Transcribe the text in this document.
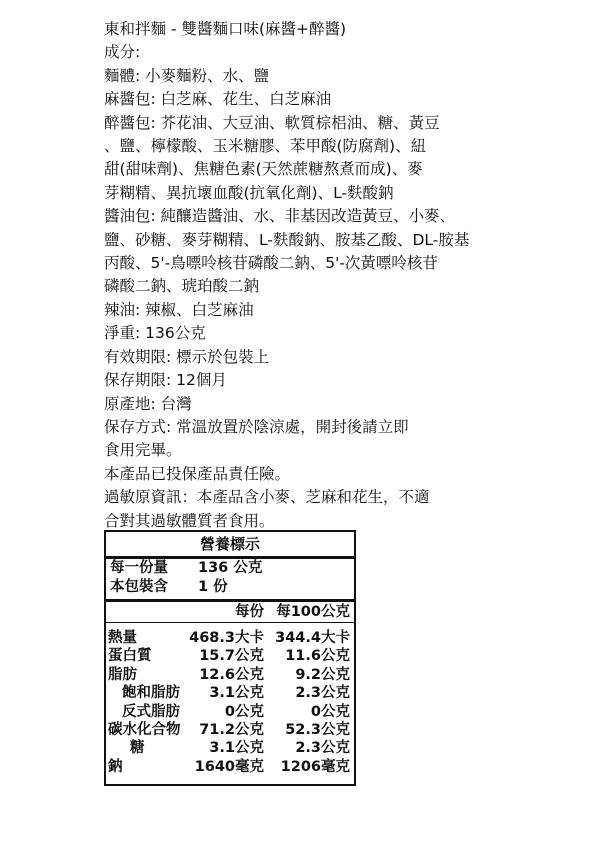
東和拌麵 - 雙醬麵口味(麻醬+醉醬)
成分:
麵體: 小麥麵粉、水、鹽
麻醬包: 白芝麻、花生、白芝麻油
醉醬包: 芥花油、大豆油、軟質棕梠油、糖、黃豆
、鹽、檸檬酸、玉米糖膠、苯甲酸(防腐劑)、紐
甜(甜味劑)、焦糖色素(天然蔗糖熬煮而成)、麥
芽糊精、異抗壞血酸(抗氧化劑)、L-麩酸鈉
醬油包: 純釀造醬油、水、非基因改造黃豆、小麥、
鹽、砂糖、麥芽糊精、L-麩酸鈉、胺基乙酸、DL-胺基
丙酸、5'-鳥嘌呤核苷磷酸二鈉、5'-次黃嘌呤核苷
磷酸二鈉、琥珀酸二鈉
辣油: 辣椒、白芝麻油
淨重: 136公克
有效期限: 標示於包裝上
保存期限: 12個月
原產地: 台灣
保存方式: 常溫放置於陰涼處，開封後請立即
食用完畢。
本產品已投保產品責任險。
過敏原資訊：本產品含小麥、芝麻和花生，不適
合對其過敏體質者食用。
營養標示
每一份量 136 公克
本包裝含 1 份
每份 每100公克
熱量	468.3大卡 344.4大卡
蛋白質	15.7公克 11.6公克
脂肪	12.6公克 9.2公克
飽和脂肪 3.1公克 2.3公克
反式脂肪	0公克	0公克
碳水化合物 71.2公克 52.3公克
糖	3.1公克 2.3公克
鈉	1640毫克 1206毫克
